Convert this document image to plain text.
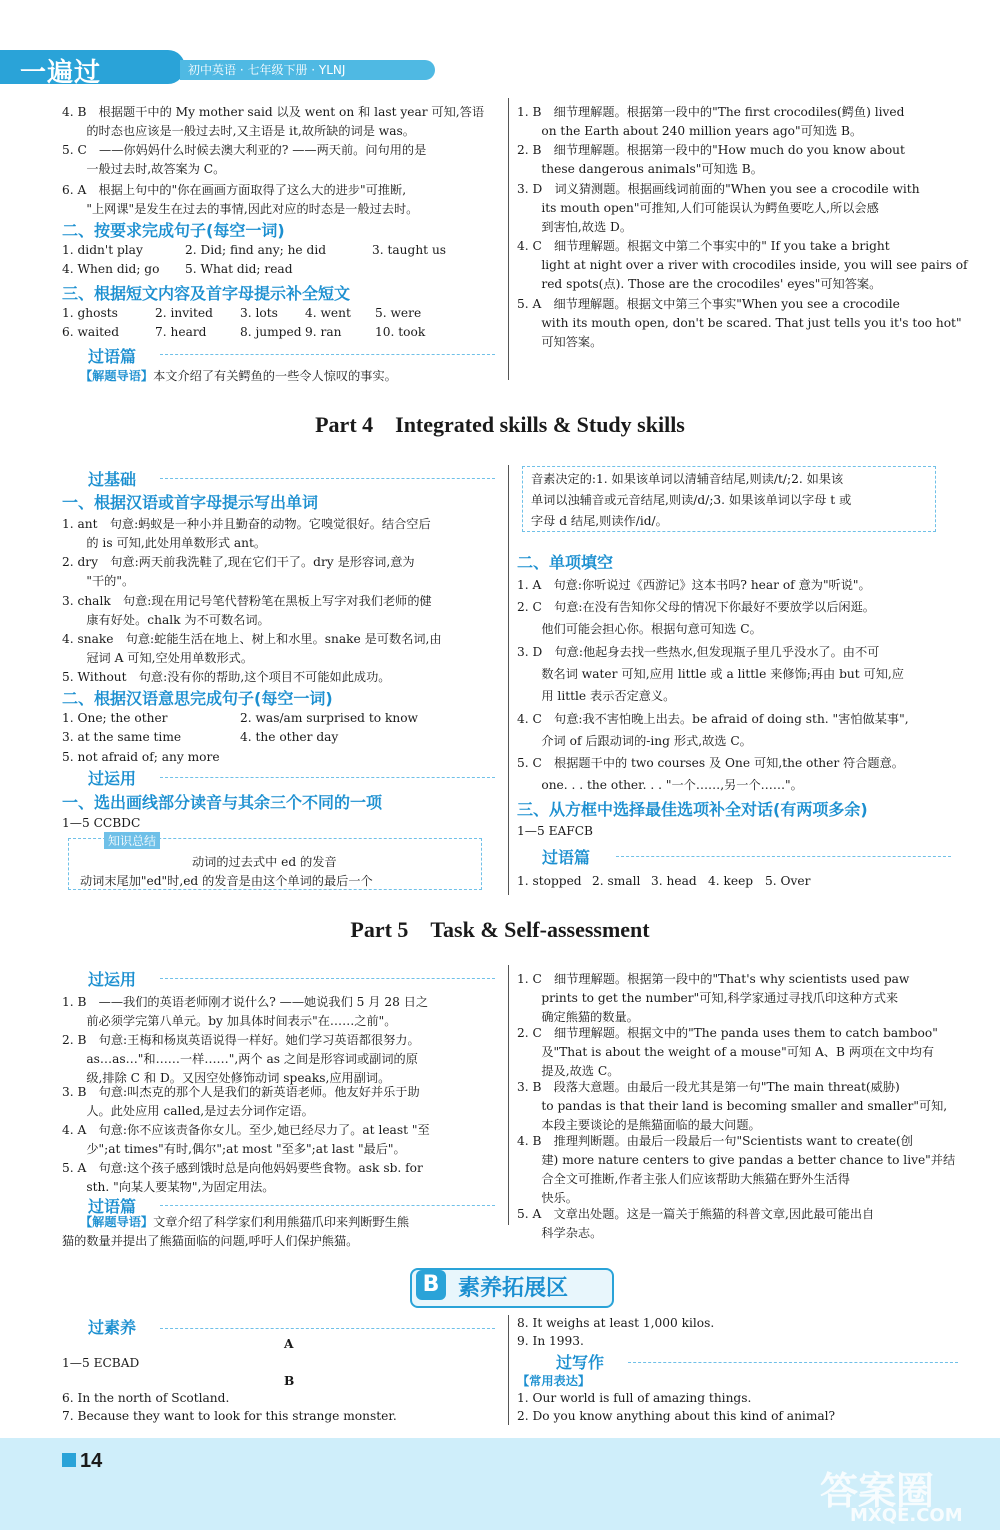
一遍过	初中英语 · 七年级下册 · YLNJ
4. B　根据题干中的 My mother said 以及 went on 和 last year 可知,答语
　　的时态也应该是一般过去时,又主语是 it,故所缺的词是 was。
5. C　——你妈妈什么时候去澳大利亚的? ——两天前。问句用的是
　　一般过去时,故答案为 C。
6. A　根据上句中的"你在画画方面取得了这么大的进步"可推断,
　　"上网课"是发生在过去的事情,因此对应的时态是一般过去时。
二、按要求完成句子(每空一词)
1. didn't play	2. Did; find any; he did	3. taught us
4. When did; go 5. What did; read
三、根据短文内容及首字母提示补全短文
1. ghosts	2. invited 3. lots 4. went 5. were
6. waited	7. heard	8. jumped 9. ran	10. took
过语篇
【解题导语】本文介绍了有关鳄鱼的一些令人惊叹的事实。
1. B　细节理解题。根据第一段中的"The first crocodiles(鳄鱼) lived
　　on the Earth about 240 million years ago"可知选 B。
2. B　细节理解题。根据第一段中的"How much do you know about
　　these dangerous animals"可知选 B。
3. D　词义猜测题。根据画线词前面的"When you see a crocodile with
　　its mouth open"可推知,人们可能误认为鳄鱼要吃人,所以会感
　　到害怕,故选 D。
4. C　细节理解题。根据文中第二个事实中的" If you take a bright
　　light at night over a river with crocodiles inside, you will see pairs of
　　red spots(点). Those are the crocodiles' eyes"可知答案。
5. A　细节理解题。根据文中第三个事实"When you see a crocodile
　　with its mouth open, don't be scared. That just tells you it's too hot"
　　可知答案。
Part 4　Integrated skills & Study skills
过基础
一、根据汉语或首字母提示写出单词
1. ant　句意:蚂蚁是一种小并且勤奋的动物。它嗅觉很好。结合空后
　　的 is 可知,此处用单数形式 ant。
2. dry　句意:两天前我洗鞋了,现在它们干了。dry 是形容词,意为
　　"干的"。
3. chalk　句意:现在用记号笔代替粉笔在黑板上写字对我们老师的健
　　康有好处。chalk 为不可数名词。
4. snake　句意:蛇能生活在地上、树上和水里。snake 是可数名词,由
　　冠词 A 可知,空处用单数形式。
5. Without　句意:没有你的帮助,这个项目不可能如此成功。
二、根据汉语意思完成句子(每空一词)
1. One; the other	2. was/am surprised to know
3. at the same time	4. the other day
5. not afraid of; any more
过运用
一、选出画线部分读音与其余三个不同的一项
1—5 CCBDC
知识总结
动词的过去式中 ed 的发音
动词末尾加"ed"时,ed 的发音是由这个单词的最后一个
音素决定的:1. 如果该单词以清辅音结尾,则读/t/;2. 如果该
单词以浊辅音或元音结尾,则读/d/;3. 如果该单词以字母 t 或
字母 d 结尾,则读作/id/。
二、单项填空
1. A　句意:你听说过《西游记》这本书吗? hear of 意为"听说"。
2. C　句意:在没有告知你父母的情况下你最好不要放学以后闲逛。
　　他们可能会担心你。根据句意可知选 C。
3. D　句意:他起身去找一些热水,但发现瓶子里几乎没水了。由不可
　　数名词 water 可知,应用 little 或 a little 来修饰;再由 but 可知,应
　　用 little 表示否定意义。
4. C　句意:我不害怕晚上出去。be afraid of doing sth. "害怕做某事",
　　介词 of 后跟动词的-ing 形式,故选 C。
5. C　根据题干中的 two courses 及 One 可知,the other 符合题意。
　　one. . . the other. . . "一个……,另一个……"。
三、从方框中选择最佳选项补全对话(有两项多余)
1—5 EAFCB
过语篇
1. stopped 2. small 3. head 4. keep 5. Over
Part 5　Task & Self-assessment
过运用
1. B　——我们的英语老师刚才说什么? ——她说我们 5 月 28 日之
　　前必须学完第八单元。by 加具体时间表示"在……之前"。
2. B　句意:王梅和杨岚英语说得一样好。她们学习英语都很努力。
　　as…as…"和……一样……",两个 as 之间是形容词或副词的原
　　级,排除 C 和 D。又因空处修饰动词 speaks,应用副词。
3. B　句意:叫杰克的那个人是我们的新英语老师。他友好并乐于助
　　人。此处应用 called,是过去分词作定语。
4. A　句意:你不应该责备你女儿。至少,她已经尽力了。at least "至
　　少";at times"有时,偶尔";at most "至多";at last "最后"。
5. A　句意:这个孩子感到饿时总是向他妈妈要些食物。ask sb. for
　　sth. "向某人要某物",为固定用法。
过语篇
【解题导语】文章介绍了科学家们利用熊猫爪印来判断野生熊
猫的数量并提出了熊猫面临的问题,呼吁人们保护熊猫。
1. C　细节理解题。根据第一段中的"That's why scientists used paw
　　prints to get the number"可知,科学家通过寻找爪印这种方式来
　　确定熊猫的数量。
2. C　细节理解题。根据文中的"The panda uses them to catch bamboo"
　　及"That is about the weight of a mouse"可知 A、B 两项在文中均有
　　提及,故选 C。
3. B　段落大意题。由最后一段尤其是第一句"The main threat(威胁)
　　to pandas is that their land is becoming smaller and smaller"可知,
　　本段主要谈论的是熊猫面临的最大问题。
4. B　推理判断题。由最后一段最后一句"Scientists want to create(创
　　建) more nature centers to give pandas a better chance to live"并结
　　合全文可推断,作者主张人们应该帮助大熊猫在野外生活得
　　快乐。
5. A　文章出处题。这是一篇关于熊猫的科普文章,因此最可能出自
　　科学杂志。
B 素养拓展区
过素养
A
1—5 ECBAD
B
6. In the north of Scotland.
7. Because they want to look for this strange monster.
8. It weighs at least 1,000 kilos.
9. In 1993.
过写作
【常用表达】
1. Our world is full of amazing things.
2. Do you know anything about this kind of animal?
14
答案圈
MXQE.COM
